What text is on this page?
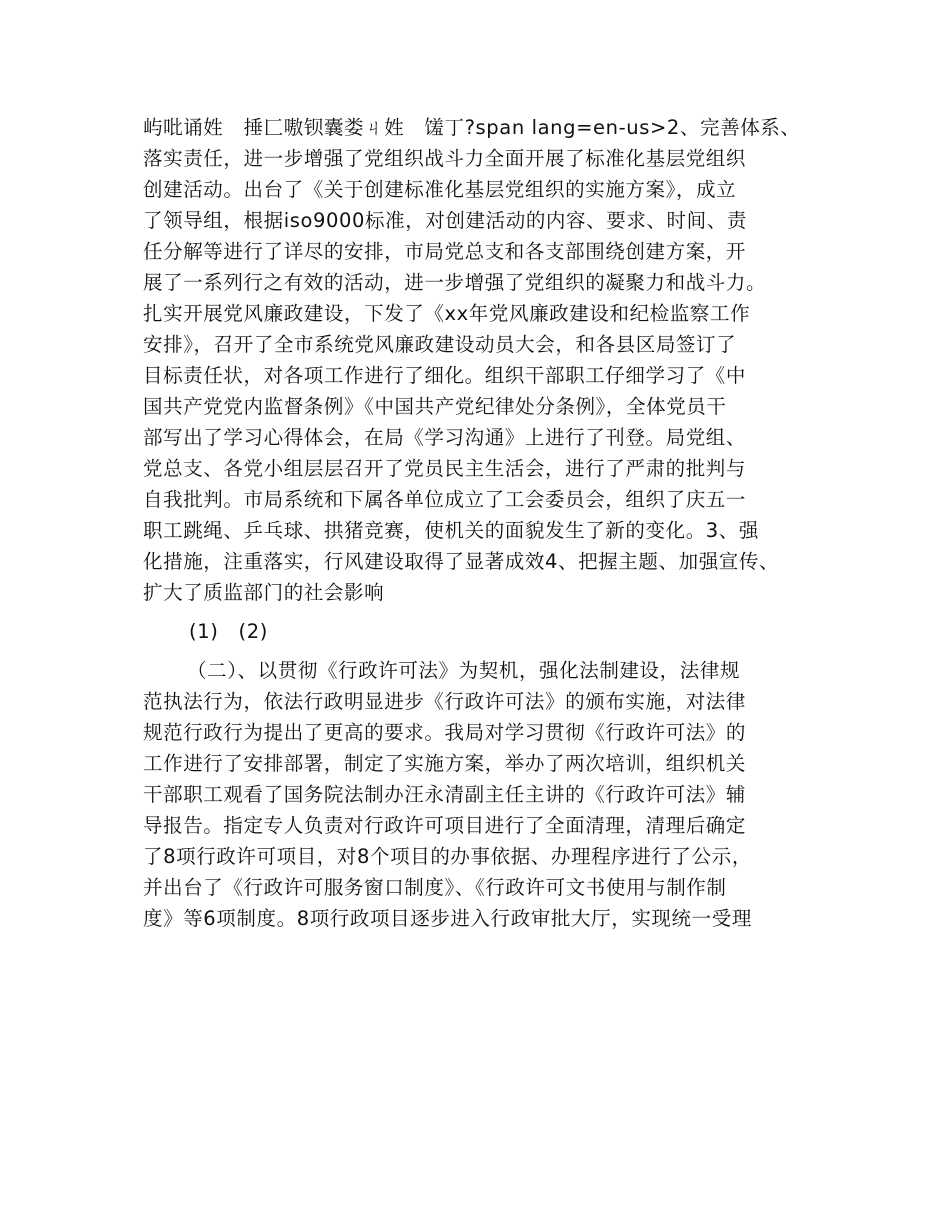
屿吡诵姓　捶匚嗷钡囊娄ㄐ姓　馐丁?span lang=en-us>2、完善体系、
落实责任，进一步增强了党组织战斗力全面开展了标准化基层党组织
创建活动。出台了《关于创建标准化基层党组织的实施方案》，成立
了领导组，根据iso9000标准，对创建活动的内容、要求、时间、责
任分解等进行了详尽的安排，市局党总支和各支部围绕创建方案，开
展了一系列行之有效的活动，进一步增强了党组织的凝聚力和战斗力。
扎实开展党风廉政建设，下发了《xx年党风廉政建设和纪检监察工作
安排》，召开了全市系统党风廉政建设动员大会，和各县区局签订了
目标责任状，对各项工作进行了细化。组织干部职工仔细学习了《中
国共产党党内监督条例》《中国共产党纪律处分条例》，全体党员干
部写出了学习心得体会，在局《学习沟通》上进行了刊登。局党组、
党总支、各党小组层层召开了党员民主生活会，进行了严肃的批判与
自我批判。市局系统和下属各单位成立了工会委员会，组织了庆五一
职工跳绳、乒乓球、拱猪竞赛，使机关的面貌发生了新的变化。3、强
化措施，注重落实，行风建设取得了显著成效4、把握主题、加强宣传、
扩大了质监部门的社会影响
(1)　(2)
（二）、以贯彻《行政许可法》为契机，强化法制建设，法律规
范执法行为，依法行政明显进步《行政许可法》的颁布实施，对法律
规范行政行为提出了更高的要求。我局对学习贯彻《行政许可法》的
工作进行了安排部署，制定了实施方案，举办了两次培训，组织机关
干部职工观看了国务院法制办汪永清副主任主讲的《行政许可法》辅
导报告。指定专人负责对行政许可项目进行了全面清理，清理后确定
了8项行政许可项目，对8个项目的办事依据、办理程序进行了公示，
并出台了《行政许可服务窗口制度》、《行政许可文书使用与制作制
度》等6项制度。8项行政项目逐步进入行政审批大厅，实现统一受理
